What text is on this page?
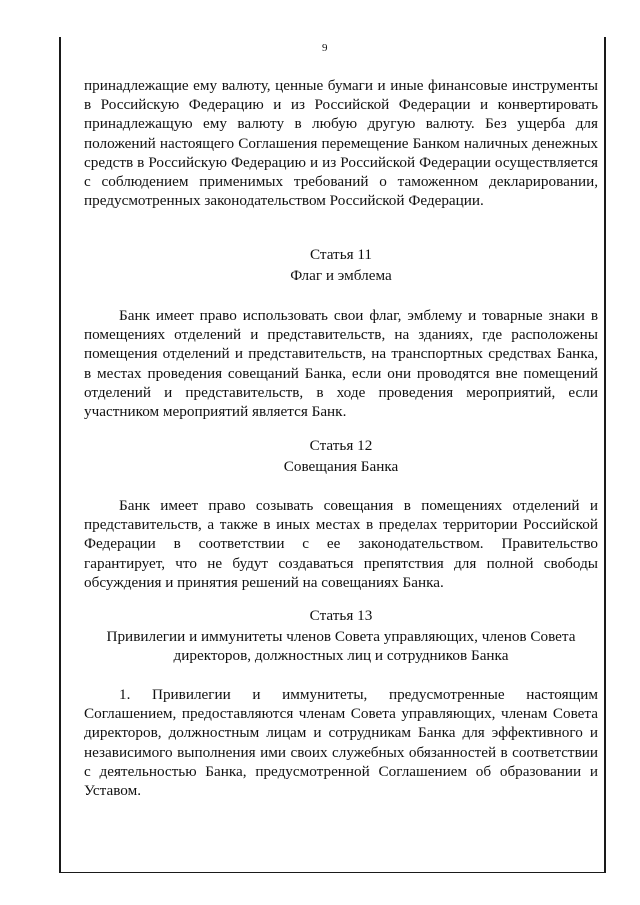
9

принадлежащие ему валюту, ценные бумаги и иные финансовые инструменты в Российскую Федерацию и из Российской Федерации и конвертировать принадлежащую ему валюту в любую другую валюту. Без ущерба для положений настоящего Соглашения перемещение Банком наличных денежных средств в Российскую Федерацию и из Российской Федерации осуществляется с соблюдением применимых требований о таможенном декларировании, предусмотренных законодательством Российской Федерации.

Статья 11

Флаг и эмблема

Банк имеет право использовать свои флаг, эмблему и товарные знаки в помещениях отделений и представительств, на зданиях, где расположены помещения отделений и представительств, на транспортных средствах Банка, в местах проведения совещаний Банка, если они проводятся вне помещений отделений и представительств, в ходе проведения мероприятий, если участником мероприятий является Банк.

Статья 12

Совещания Банка

Банк имеет право созывать совещания в помещениях отделений и представительств, а также в иных местах в пределах территории Российской Федерации в соответствии с ее законодательством. Правительство гарантирует, что не будут создаваться препятствия для полной свободы обсуждения и принятия решений на совещаниях Банка.

Статья 13

Привилегии и иммунитеты членов Совета управляющих, членов Совета

директоров, должностных лиц и сотрудников Банка

1. Привилегии и иммунитеты, предусмотренные настоящим Соглашением, предоставляются членам Совета управляющих, членам Совета директоров, должностным лицам и сотрудникам Банка для эффективного и независимого выполнения ими своих служебных обязанностей в соответствии с деятельностью Банка, предусмотренной Соглашением об образовании и Уставом.
